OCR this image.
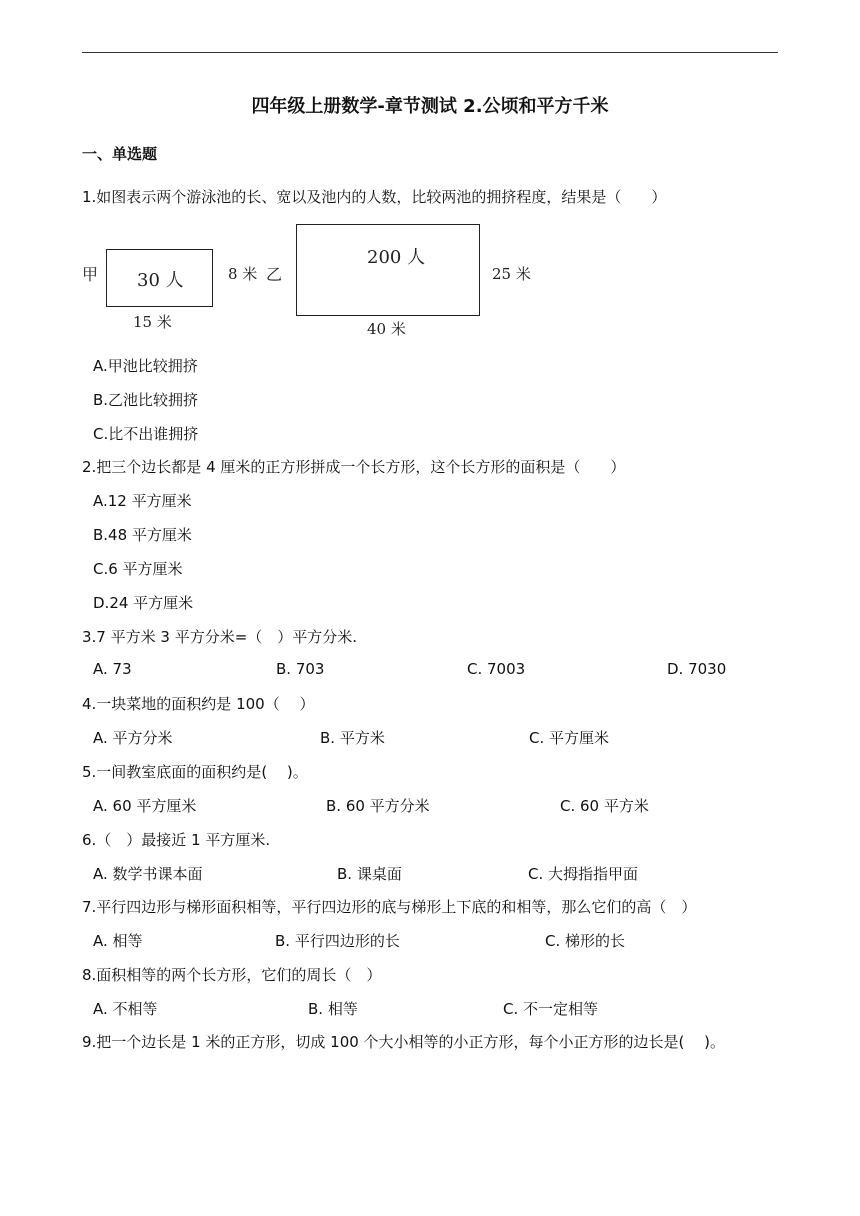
四年级上册数学-章节测试 2.公顷和平方千米
一、单选题
1.如图表示两个游泳池的长、宽以及池内的人数，比较两池的拥挤程度，结果是（　　）
甲 30 人	8 米
15 米
乙
200 人
25 米
40 米
A.甲池比较拥挤
B.乙池比较拥挤
C.比不出谁拥挤
2.把三个边长都是 4 厘米的正方形拼成一个长方形，这个长方形的面积是（　　）
A.12 平方厘米
B.48 平方厘米
C.6 平方厘米
D.24 平方厘米
3.7 平方米 3 平方分米=（　）平方分米.
A. 73	B. 703	C. 7003	D. 7030
4.一块菜地的面积约是 100（　 ）
A. 平方分米	B. 平方米	C. 平方厘米
5.一间教室底面的面积约是(　 )。
A. 60 平方厘米	B. 60 平方分米	C. 60 平方米
6.（　）最接近 1 平方厘米.
A. 数学书课本面	B. 课桌面	C. 大拇指指甲面
7.平行四边形与梯形面积相等，平行四边形的底与梯形上下底的和相等，那么它们的高（　）
A. 相等	B. 平行四边形的长	C. 梯形的长
8.面积相等的两个长方形，它们的周长（　）
A. 不相等	B. 相等	C. 不一定相等
9.把一个边长是 1 米的正方形，切成 100 个大小相等的小正方形，每个小正方形的边长是(　 )。
